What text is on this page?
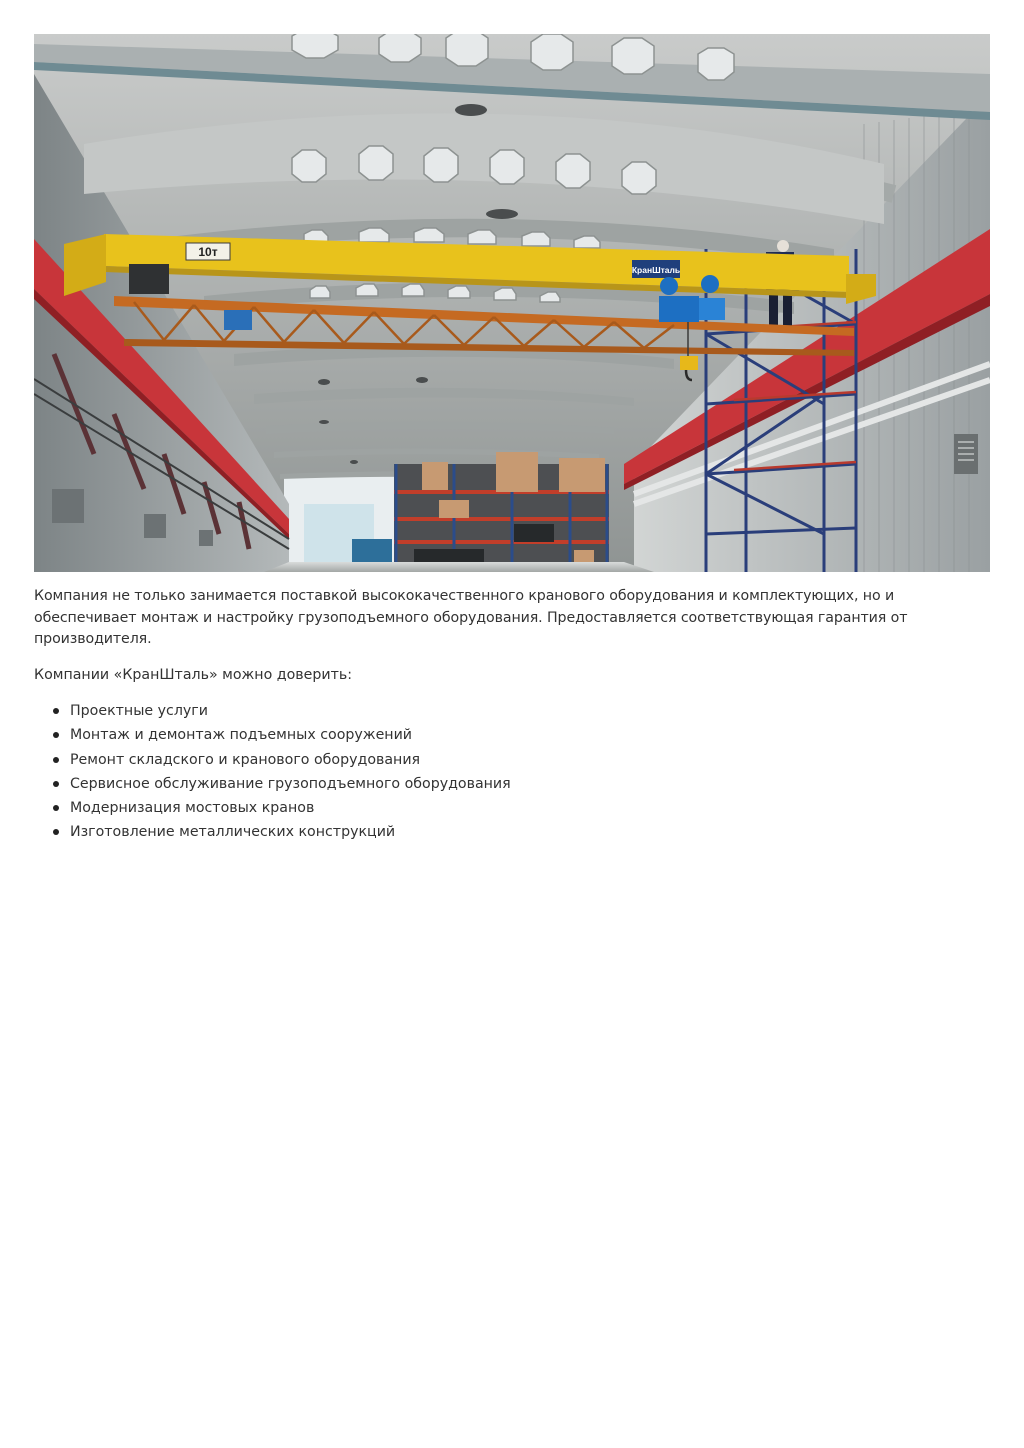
10т
КранШталь

Компания не только занимается поставкой высококачественного кранового оборудования и комплектующих, но и обеспечивает монтаж и настройку грузоподъемного оборудования. Предоставляется соответствующая гарантия от производителя.

Компании «КранШталь» можно доверить:

Проектные услуги
Монтаж и демонтаж подъемных сооружений
Ремонт складского и кранового оборудования
Сервисное обслуживание грузоподъемного оборудования
Модернизация мостовых кранов
Изготовление металлических конструкций
